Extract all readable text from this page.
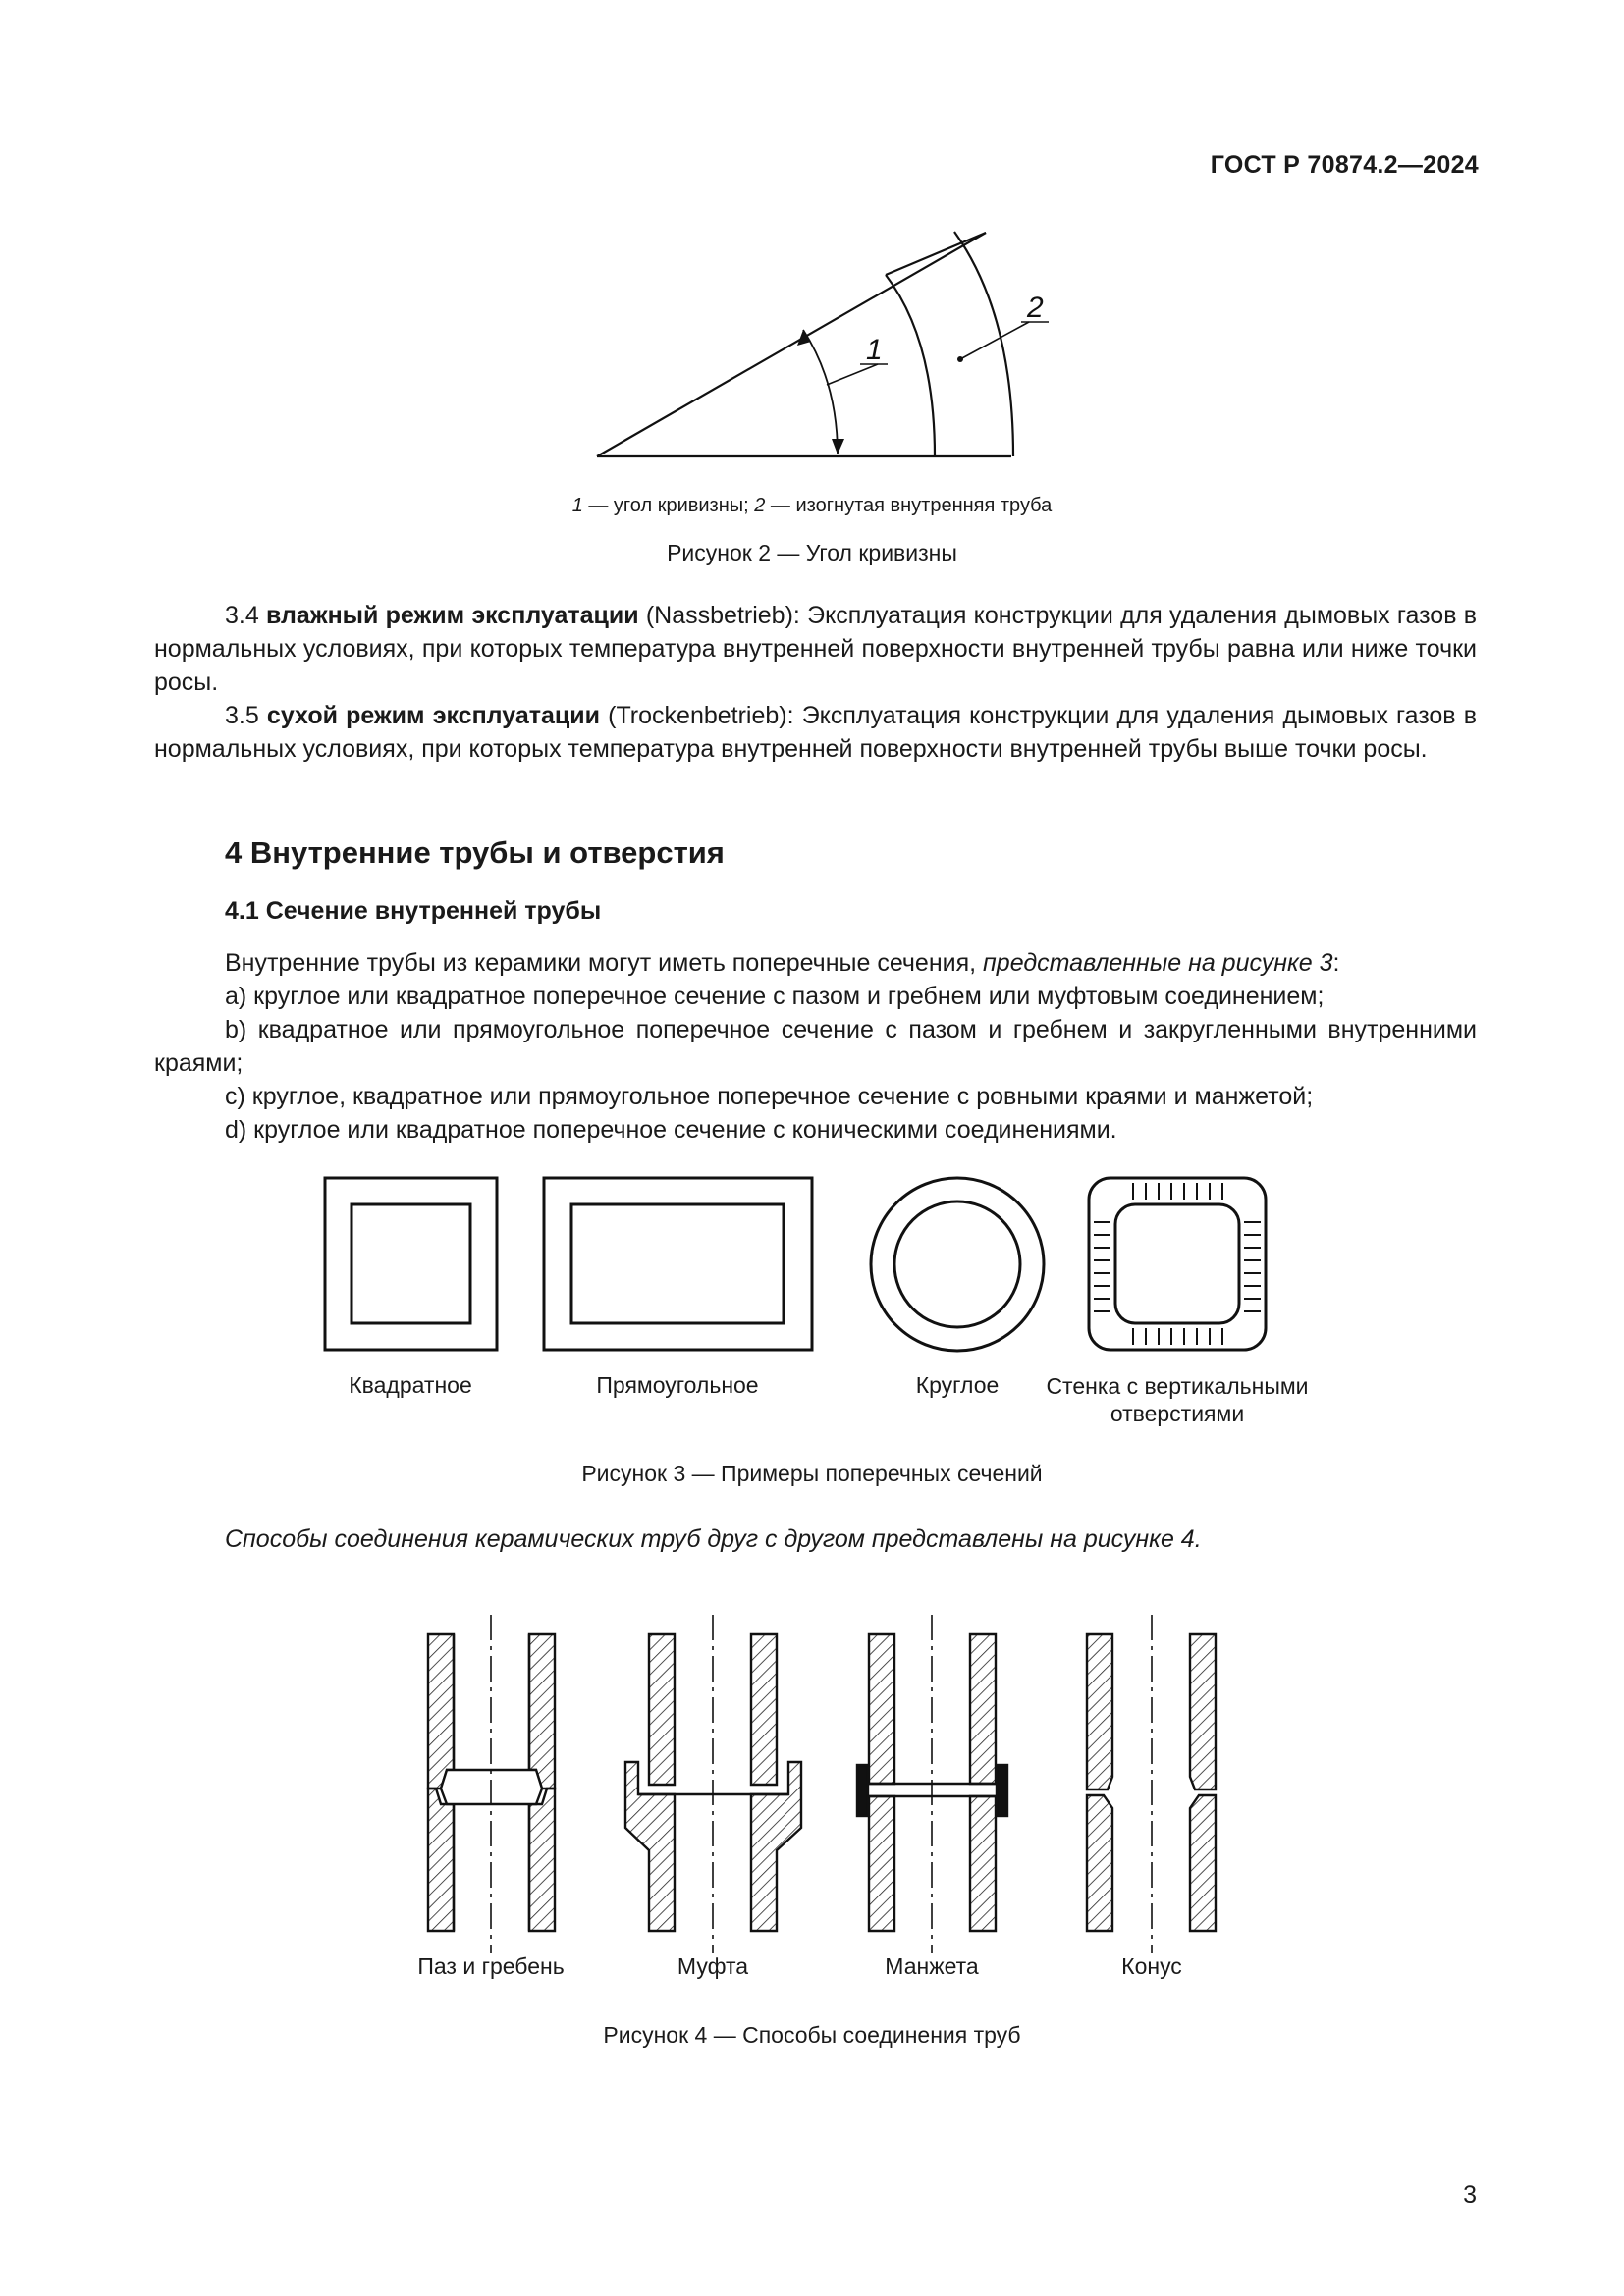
ГОСТ Р 70874.2—2024
1
2
1 — угол кривизны; 2 — изогнутая внутренняя труба
Рисунок 2 — Угол кривизны
3.4 влажный режим эксплуатации (Nassbetrieb): Эксплуатация конструкции для удаления дымовых газов в нормальных условиях, при которых температура внутренней поверхности внутренней трубы равна или ниже точки росы.
3.5 сухой режим эксплуатации (Trockenbetrieb): Эксплуатация конструкции для удаления дымовых газов в нормальных условиях, при которых температура внутренней поверхности внутренней трубы выше точки росы.
4 Внутренние трубы и отверстия
4.1 Сечение внутренней трубы
Внутренние трубы из керамики могут иметь поперечные сечения, представленные на рисунке 3:
a) круглое или квадратное поперечное сечение с пазом и гребнем или муфтовым соединением;
b) квадратное или прямоугольное поперечное сечение с пазом и гребнем и закругленными внутренними краями;
c) круглое, квадратное или прямоугольное поперечное сечение с ровными краями и манжетой;
d) круглое или квадратное поперечное сечение с коническими соединениями.
Квадратное	Прямоугольное	Круглое	Стенка с вертикальными отверстиями
Рисунок 3 — Примеры поперечных сечений
Способы соединения керамических труб друг с другом представлены на рисунке 4.
Паз и гребень	Муфта	Манжета	Конус
Рисунок 4 — Способы соединения труб
3
